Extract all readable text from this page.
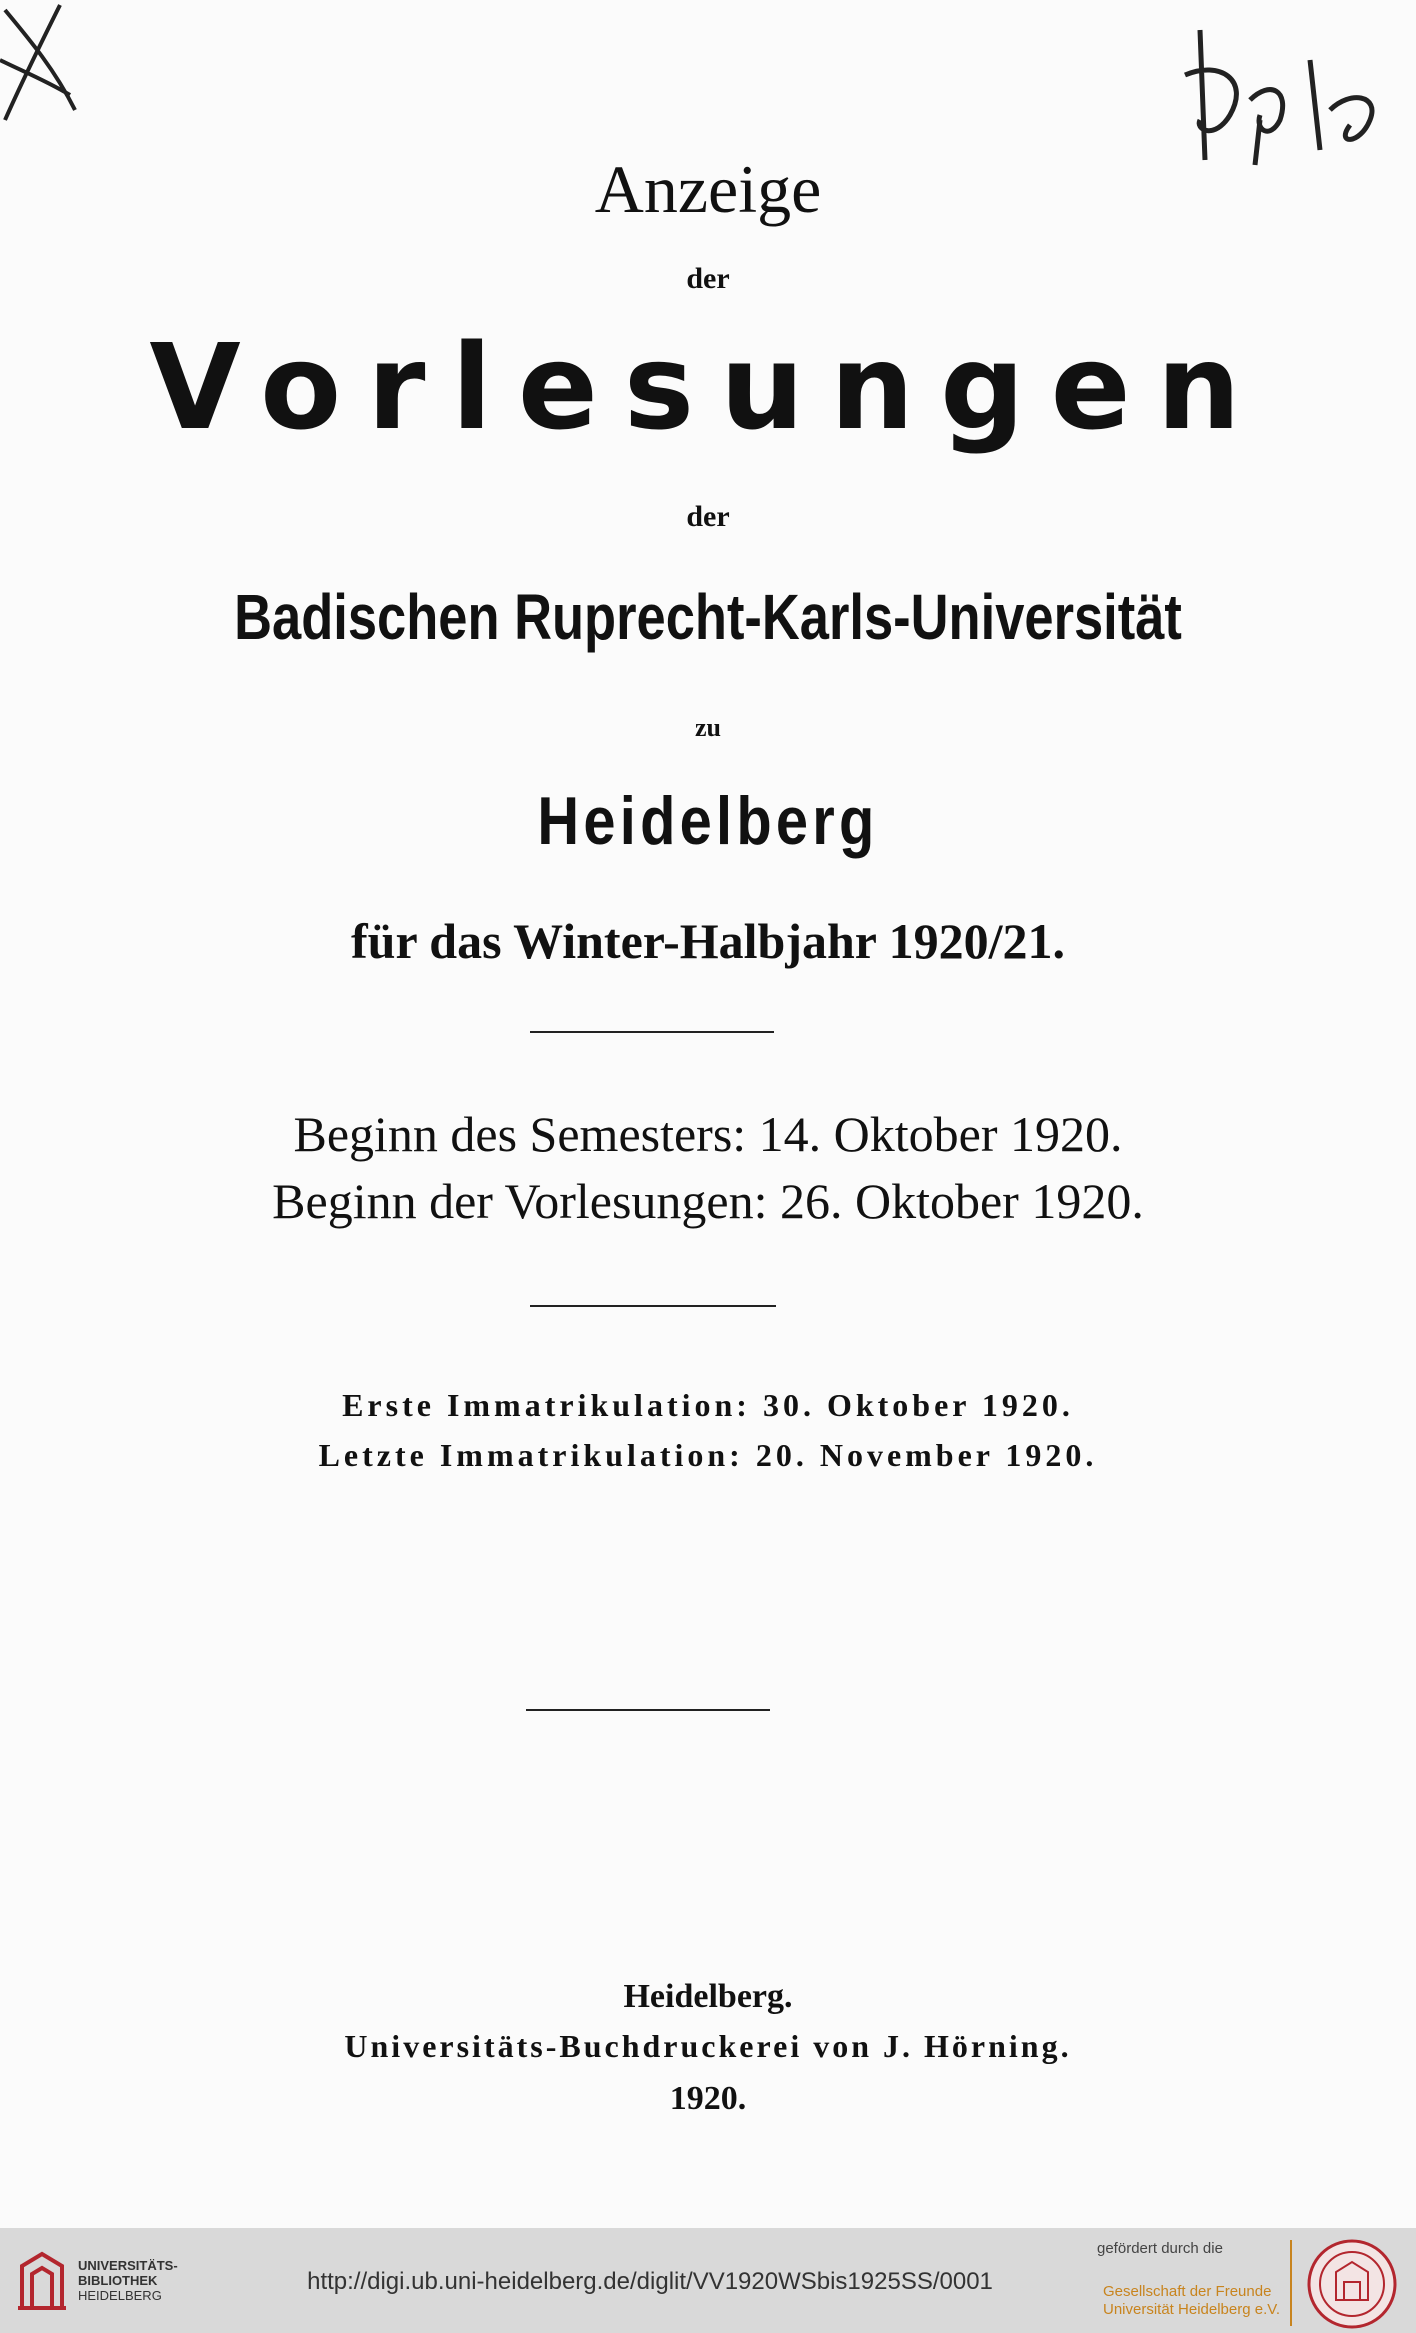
Dpe
Anzeige
der
Vorlesungen
der
Badischen Ruprecht-Karls-Universität
zu
Heidelberg
für das Winter-Halbjahr 1920/21.
Beginn des Semesters: 14. Oktober 1920.
Beginn der Vorlesungen: 26. Oktober 1920.
Erste Immatrikulation: 30. Oktober 1920.
Letzte Immatrikulation: 20. November 1920.
Heidelberg.
Universitäts-Buchdruckerei von J. Hörning.
1920.
UNIVERSITÄTS-
BIBLIOTHEK
HEIDELBERG
http://digi.ub.uni-heidelberg.de/diglit/VV1920WSbis1925SS/0001
gefördert durch die
Gesellschaft der Freunde
Universität Heidelberg e.V.
